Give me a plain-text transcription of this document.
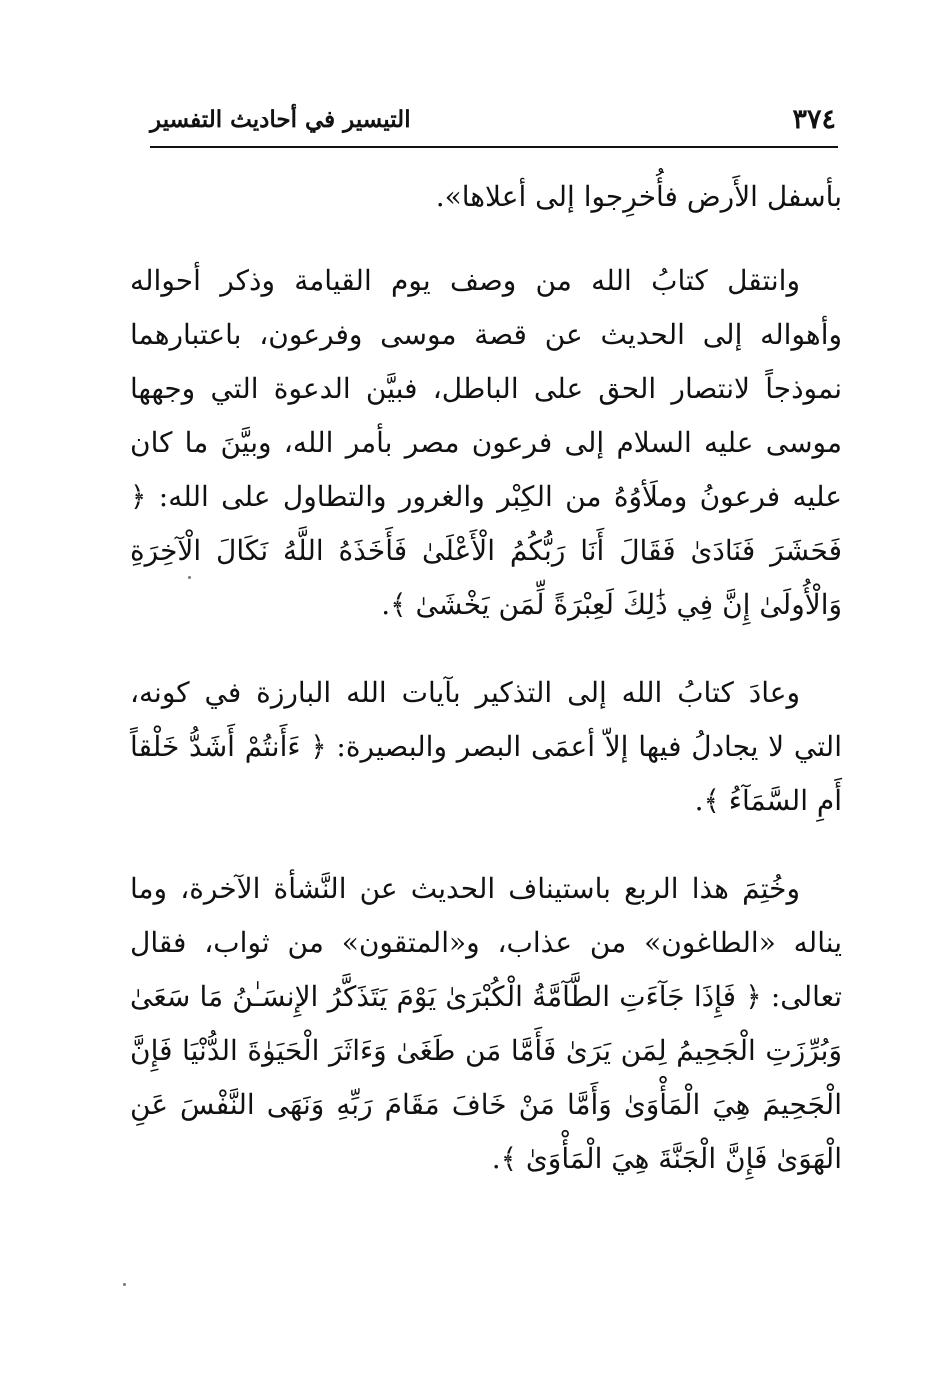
٣٧٤
التيسير في أحاديث التفسير

بأسفل الأَرض فأُخرِجوا إلى أعلاها».

وانتقل كتابُ الله من وصف يوم القيامة وذكر أحواله وأهواله إلى الحديث عن قصة موسى وفرعون، باعتبارهما نموذجاً لانتصار الحق على الباطل، فبيَّن الدعوة التي وجهها موسى عليه السلام إلى فرعون مصر بأمر الله، وبيَّنَ ما كان عليه فرعونُ وملَأوُهُ من الكِبْر والغرور والتطاول على الله: ﴿ فَحَشَرَ فَنَادَىٰ فَقَالَ أَنَا رَبُّكُمُ الْأَعْلَىٰ فَأَخَذَهُ اللَّهُ نَكَالَ الْآخِرَةِ وَالْأُولَىٰ إِنَّ فِي ذَٰلِكَ لَعِبْرَةً لِّمَن يَخْشَىٰ ﴾.

وعادَ كتابُ الله إلى التذكير بآيات الله البارزة في كونه، التي لا يجادلُ فيها إلاّ أعمَى البصر والبصيرة: ﴿ ءَأَنتُمْ أَشَدُّ خَلْقاً أَمِ السَّمَآءُ ﴾.

وخُتِمَ هذا الربع باستيناف الحديث عن النَّشأة الآخرة، وما يناله «الطاغون» من عذاب، و«المتقون» من ثواب، فقال تعالى: ﴿ فَإِذَا جَآءَتِ الطَّآمَّةُ الْكُبْرَىٰ يَوْمَ يَتَذَكَّرُ الإِنسَـٰنُ مَا سَعَىٰ وَبُرِّزَتِ الْجَحِيمُ لِمَن يَرَىٰ فَأَمَّا مَن طَغَىٰ وَءَاثَرَ الْحَيَوٰةَ الدُّنْيَا فَإِنَّ الْجَحِيمَ هِيَ الْمَأْوَىٰ وَأَمَّا مَنْ خَافَ مَقَامَ رَبِّهِ وَنَهَى النَّفْسَ عَنِ الْهَوَىٰ فَإِنَّ الْجَنَّةَ هِيَ الْمَأْوَىٰ ﴾.
